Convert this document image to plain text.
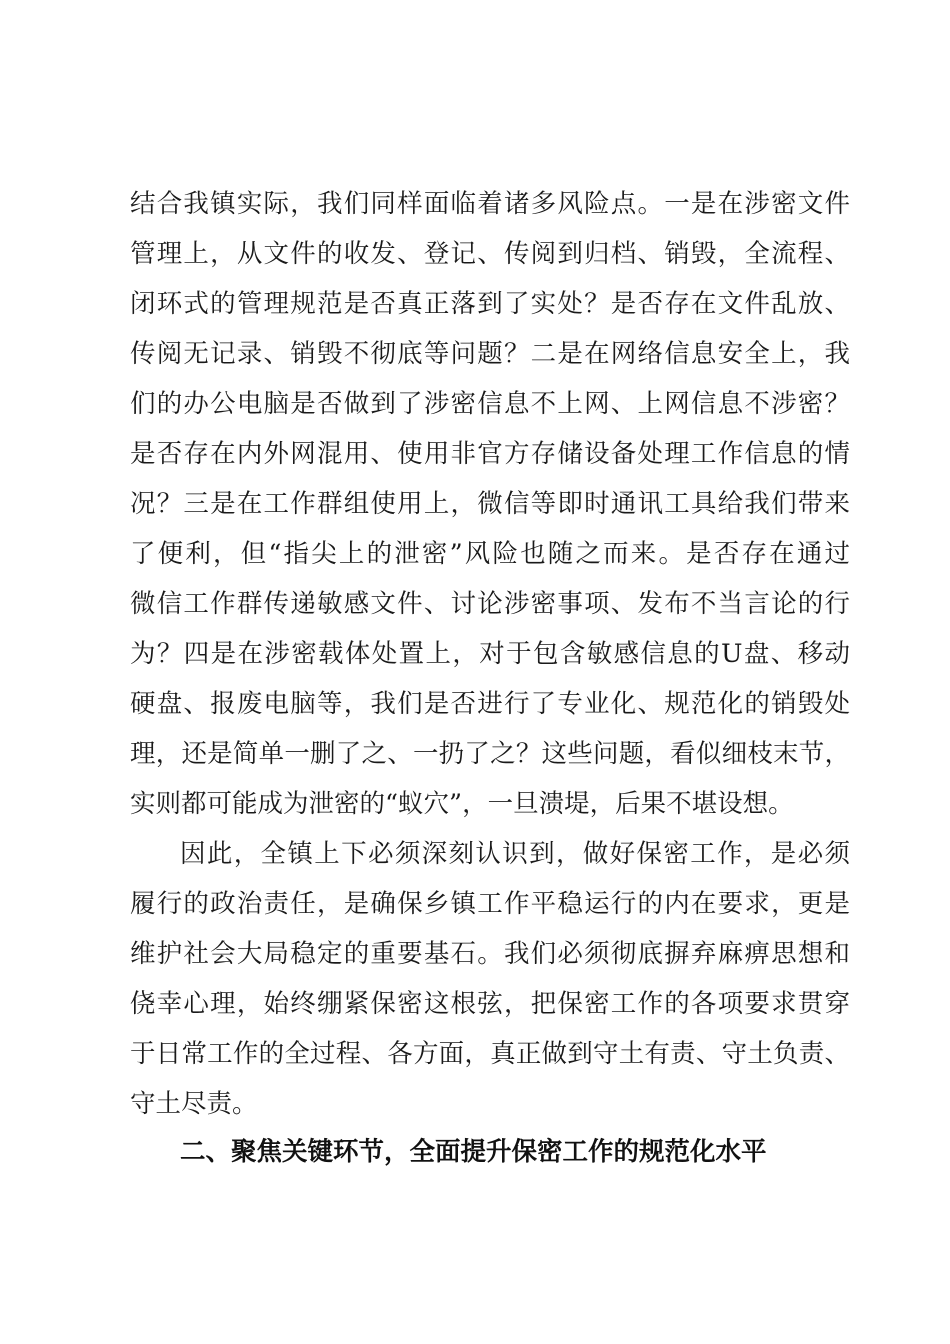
结合我镇实际，我们同样面临着诸多风险点。一是在涉密文件
管理上，从文件的收发、登记、传阅到归档、销毁，全流程、
闭环式的管理规范是否真正落到了实处？是否存在文件乱放、
传阅无记录、销毁不彻底等问题？二是在网络信息安全上，我
们的办公电脑是否做到了涉密信息不上网、上网信息不涉密？
是否存在内外网混用、使用非官方存储设备处理工作信息的情
况？三是在工作群组使用上，微信等即时通讯工具给我们带来
了便利，但“指尖上的泄密”风险也随之而来。是否存在通过
微信工作群传递敏感文件、讨论涉密事项、发布不当言论的行
为？四是在涉密载体处置上，对于包含敏感信息的U盘、移动
硬盘、报废电脑等，我们是否进行了专业化、规范化的销毁处
理，还是简单一删了之、一扔了之？这些问题，看似细枝末节，
实则都可能成为泄密的“蚁穴”，一旦溃堤，后果不堪设想。
因此，全镇上下必须深刻认识到，做好保密工作，是必须
履行的政治责任，是确保乡镇工作平稳运行的内在要求，更是
维护社会大局稳定的重要基石。我们必须彻底摒弃麻痹思想和
侥幸心理，始终绷紧保密这根弦，把保密工作的各项要求贯穿
于日常工作的全过程、各方面，真正做到守土有责、守土负责、
守土尽责。
二、聚焦关键环节，全面提升保密工作的规范化水平
